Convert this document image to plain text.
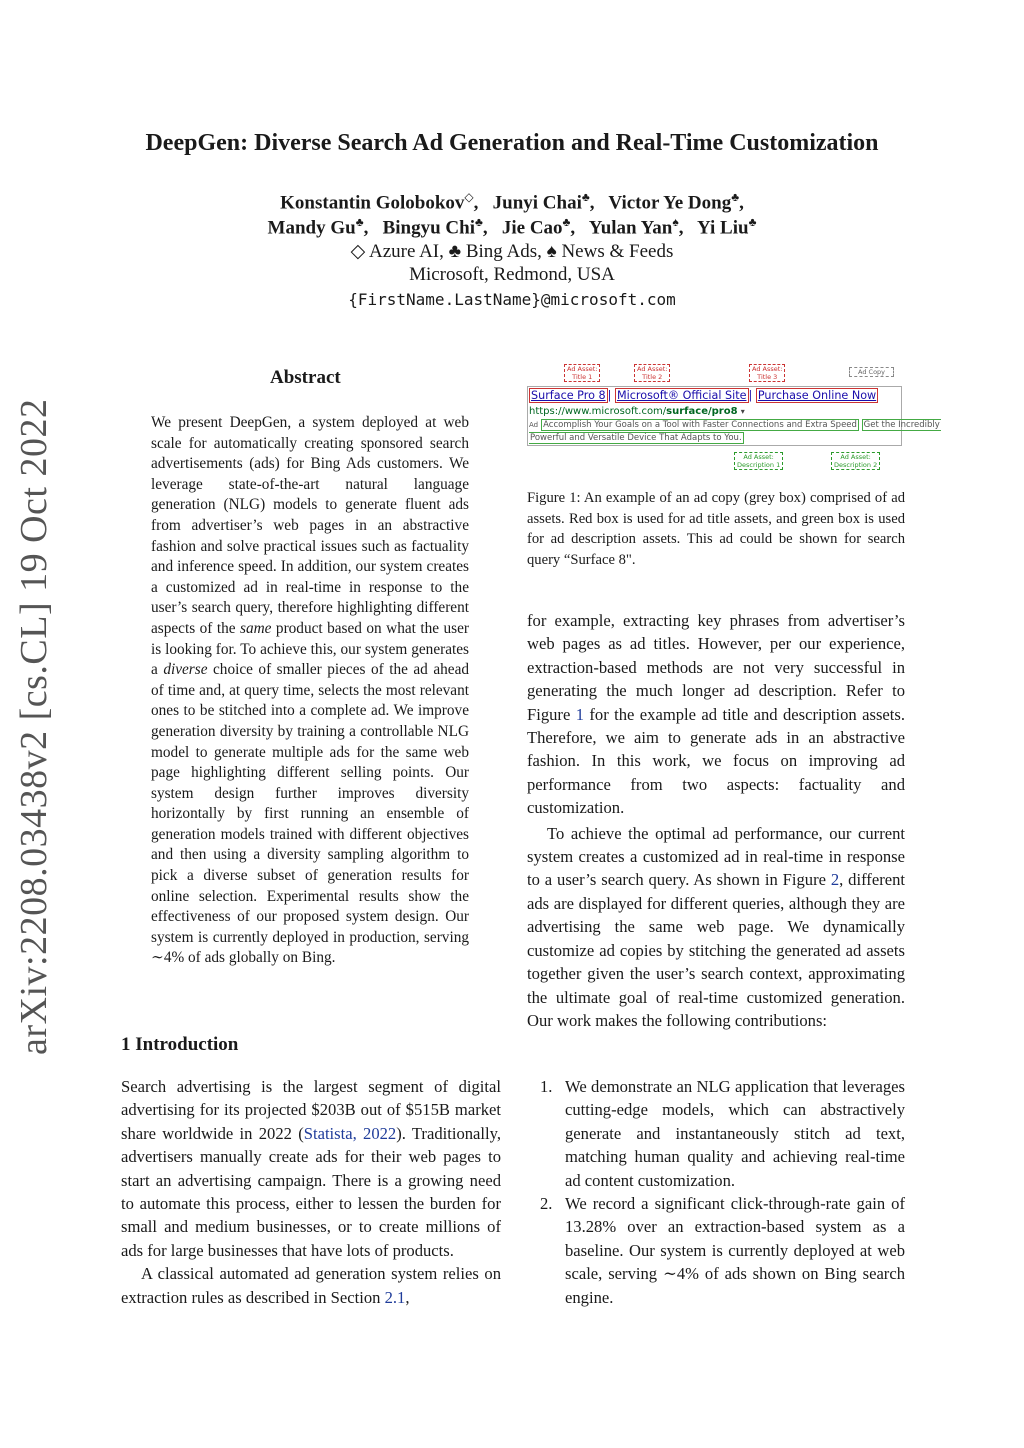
arXiv:2208.03438v2 [cs.CL] 19 Oct 2022
DeepGen: Diverse Search Ad Generation and Real-Time Customization
Konstantin Golobokov◇,   Junyi Chai♣,   Victor Ye Dong♣,
Mandy Gu♣,   Bingyu Chi♣,   Jie Cao♣,   Yulan Yan♠,   Yi Liu♣
◇ Azure AI, ♣ Bing Ads, ♠ News & Feeds
Microsoft, Redmond, USA
{FirstName.LastName}@microsoft.com
Abstract
We present DeepGen, a system deployed at web scale for automatically creating sponsored search advertisements (ads) for Bing Ads customers. We leverage state-of-the-art natural language generation (NLG) models to generate fluent ads from advertiser’s web pages in an abstractive fashion and solve practical issues such as factuality and inference speed. In addition, our system creates a customized ad in real-time in response to the user’s search query, therefore highlighting different aspects of the same product based on what the user is looking for. To achieve this, our system generates a diverse choice of smaller pieces of the ad ahead of time and, at query time, selects the most relevant ones to be stitched into a complete ad. We improve generation diversity by training a controllable NLG model to generate multiple ads for the same web page highlighting different selling points. Our system design further improves diversity horizontally by first running an ensemble of generation models trained with different objectives and then using a diversity sampling algorithm to pick a diverse subset of generation results for online selection. Experimental results show the effectiveness of our proposed system design. Our system is currently deployed in production, serving ∼4% of ads globally on Bing.
1 Introduction

Search advertising is the largest segment of digital advertising for its projected $203B out of $515B market share worldwide in 2022 (Statista, 2022). Traditionally, advertisers manually create ads for their web pages to start an advertising campaign. There is a growing need to automate this process, either to lessen the burden for small and medium businesses, or to create millions of ads for large businesses that have lots of products.

A classical automated ad generation system relies on extraction rules as described in Section 2.1,

Ad Asset:
Title 1
Ad Asset:
Title 2
Ad Asset:
Title 3
Ad Copy
Surface Pro 8 | Microsoft® Official Site | Purchase Online Now
https://www.microsoft.com/surface/pro8 ▾
Ad Accomplish Your Goals on a Tool with Faster Connections and Extra Speed Get the Incredibly
Powerful and Versatile Device That Adapts to You.
Ad Asset:
Description 1
Ad Asset:
Description 2
Figure 1: An example of an ad copy (grey box) comprised of ad assets. Red box is used for ad title assets, and green box is used for ad description assets. This ad could be shown for search query “Surface 8".

for example, extracting key phrases from advertiser’s web pages as ad titles. However, per our experience, extraction-based methods are not very successful in generating the much longer ad description. Refer to Figure 1 for the example ad title and description assets. Therefore, we aim to generate ads in an abstractive fashion. In this work, we focus on improving ad performance from two aspects: factuality and customization.

To achieve the optimal ad performance, our current system creates a customized ad in real-time in response to a user’s search query. As shown in Figure 2, different ads are displayed for different queries, although they are advertising the same web page. We dynamically customize ad copies by stitching the generated ad assets together given the user’s search context, approximating the ultimate goal of real-time customized generation. Our work makes the following contributions:

1. We demonstrate an NLG application that leverages cutting-edge models, which can abstractively generate and instantaneously stitch ad text, matching human quality and achieving real-time ad content customization.
2. We record a significant click-through-rate gain of 13.28% over an extraction-based system as a baseline. Our system is currently deployed at web scale, serving ∼4% of ads shown on Bing search engine.
